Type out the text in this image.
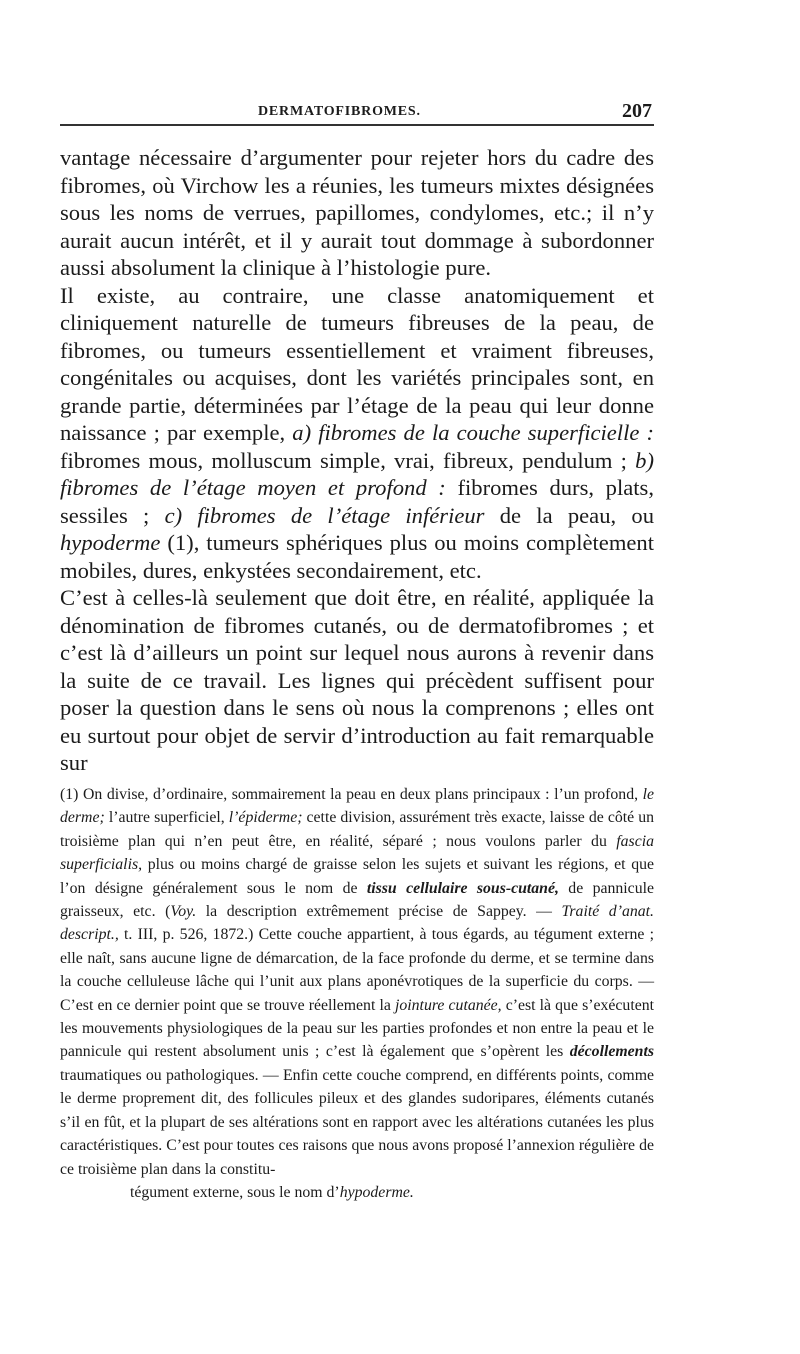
DERMATOFIBROMES.	207

vantage nécessaire d’argumenter pour rejeter hors du cadre des fibromes, où Virchow les a réunies, les tumeurs mixtes désignées sous les noms de verrues, papillomes, condylomes, etc.; il n’y aurait aucun intérêt, et il y aurait tout dommage à subordonner aussi absolument la clinique à l’histologie pure.

Il existe, au contraire, une classe anatomiquement et cliniquement naturelle de tumeurs fibreuses de la peau, de fibromes, ou tumeurs essentiellement et vraiment fibreuses, congénitales ou acquises, dont les variétés principales sont, en grande partie, déterminées par l’étage de la peau qui leur donne naissance ; par exemple, a) fibromes de la couche superficielle : fibromes mous, molluscum simple, vrai, fibreux, pendulum ; b) fibromes de l’étage moyen et profond : fibromes durs, plats, sessiles ; c) fibromes de l’étage inférieur de la peau, ou hypoderme (1), tumeurs sphériques plus ou moins complètement mobiles, dures, enkystées secondairement, etc.

C’est à celles-là seulement que doit être, en réalité, appliquée la dénomination de fibromes cutanés, ou de dermatofibromes ; et c’est là d’ailleurs un point sur lequel nous aurons à revenir dans la suite de ce travail. Les lignes qui précèdent suffisent pour poser la question dans le sens où nous la comprenons ; elles ont eu surtout pour objet de servir d’introduction au fait remarquable sur

(1) On divise, d’ordinaire, sommairement la peau en deux plans principaux : l’un profond, le derme; l’autre superficiel, l’épiderme; cette division, assurément très exacte, laisse de côté un troisième plan qui n’en peut être, en réalité, séparé ; nous voulons parler du fascia superficialis, plus ou moins chargé de graisse selon les sujets et suivant les régions, et que l’on désigne généralement sous le nom de tissu cellulaire sous-cutané, de pannicule graisseux, etc. (Voy. la description extrêmement précise de Sappey. — Traité d’anat. descript., t. III, p. 526, 1872.) Cette couche appartient, à tous égards, au tégument externe ; elle naît, sans aucune ligne de démarcation, de la face profonde du derme, et se termine dans la couche celluleuse lâche qui l’unit aux plans aponévrotiques de la superficie du corps. — C’est en ce dernier point que se trouve réellement la jointure cutanée, c’est là que s’exécutent les mouvements physiologiques de la peau sur les parties profondes et non entre la peau et le pannicule qui restent absolument unis ; c’est là également que s’opèrent les décollements traumatiques ou pathologiques. — Enfin cette couche comprend, en différents points, comme le derme proprement dit, des follicules pileux et des glandes sudoripares, éléments cutanés s’il en fût, et la plupart de ses altérations sont en rapport avec les altérations cutanées les plus caractéristiques. C’est pour toutes ces raisons que nous avons proposé l’annexion régulière de ce troisième plan dans la constitu-

tégument externe, sous le nom d’hypoderme.
